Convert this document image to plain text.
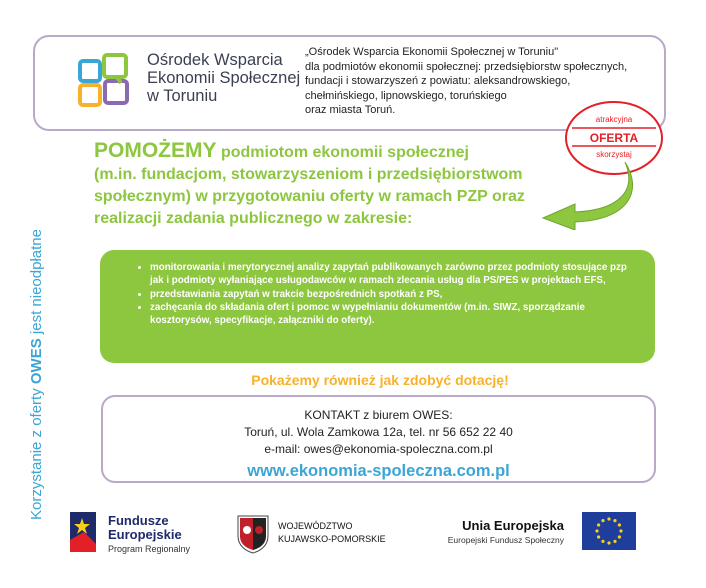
Korzystanie z oferty OWES jest nieodpłatne
Ośrodek Wsparcia
Ekonomii Społecznej
w Toruniu
„Ośrodek Wsparcia Ekonomii Społecznej w Toruniu"
dla podmiotów ekonomii społecznej: przedsiębiorstw społecznych,
fundacji i stowarzyszeń z powiatu: aleksandrowskiego,
chełmińskiego, lipnowskiego, toruńskiego
oraz miasta Toruń.
atrakcyjna
OFERTA
skorzystaj
POMOŻEMY podmiotom ekonomii społecznej
(m.in. fundacjom, stowarzyszeniom i przedsiębiorstwom
społecznym) w przygotowaniu oferty w ramach PZP oraz
realizacji zadania publicznego w zakresie:
• monitorowania i merytorycznej analizy zapytań publikowanych zarówno przez podmioty stosujące pzp jak i podmioty wyłaniające usługodawców w ramach zlecania usług dla PS/PES w projektach EFS,
• przedstawiania zapytań w trakcie bezpośrednich spotkań z PS,
• zachęcania do składania ofert i pomoc w wypełnianiu dokumentów (m.in. SIWZ, sporządzanie kosztorysów, specyfikacje, załączniki do oferty).
Pokażemy również jak zdobyć dotację!
KONTAKT z biurem OWES:
Toruń, ul. Wola Zamkowa 12a, tel. nr 56 652 22 40
e-mail: owes@ekonomia-spoleczna.com.pl
www.ekonomia-spoleczna.com.pl
Fundusze
Europejskie
Program Regionalny
WOJEWÓDZTWO
KUJAWSKO-POMORSKIE
Unia Europejska
Europejski Fundusz Społeczny
